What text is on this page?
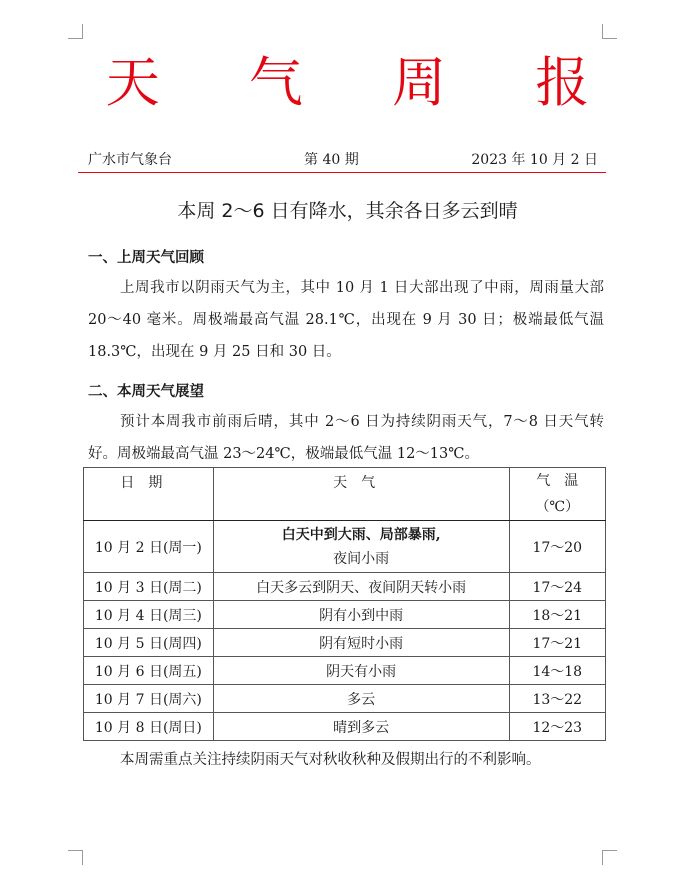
天 气 周 报
广水市气象台	第 40 期	2023 年 10 月 2 日
本周 2～6 日有降水，其余各日多云到晴
一、上周天气回顾
上周我市以阴雨天气为主，其中 10 月 1 日大部出现了中雨，周雨量大部 20～40 毫米。周极端最高气温 28.1℃，出现在 9 月 30 日；极端最低气温 18.3℃，出现在 9 月 25 日和 30 日。
二、本周天气展望
预计本周我市前雨后晴，其中 2～6 日为持续阴雨天气，7～8 日天气转好。周极端最高气温 23～24℃，极端最低气温 12～13℃。
日期	天气	气温
（℃）

10 月 2 日(周一)	白天中到大雨、局部暴雨,
夜间小雨	17～20
10 月 3 日(周二)	白天多云到阴天、夜间阴天转小雨	17～24
10 月 4 日(周三)	阴有小到中雨	18～21
10 月 5 日(周四)	阴有短时小雨	17～21
10 月 6 日(周五)	阴天有小雨	14～18
10 月 7 日(周六)	多云	13～22
10 月 8 日(周日)	晴到多云	12～23
本周需重点关注持续阴雨天气对秋收秋种及假期出行的不利影响。
